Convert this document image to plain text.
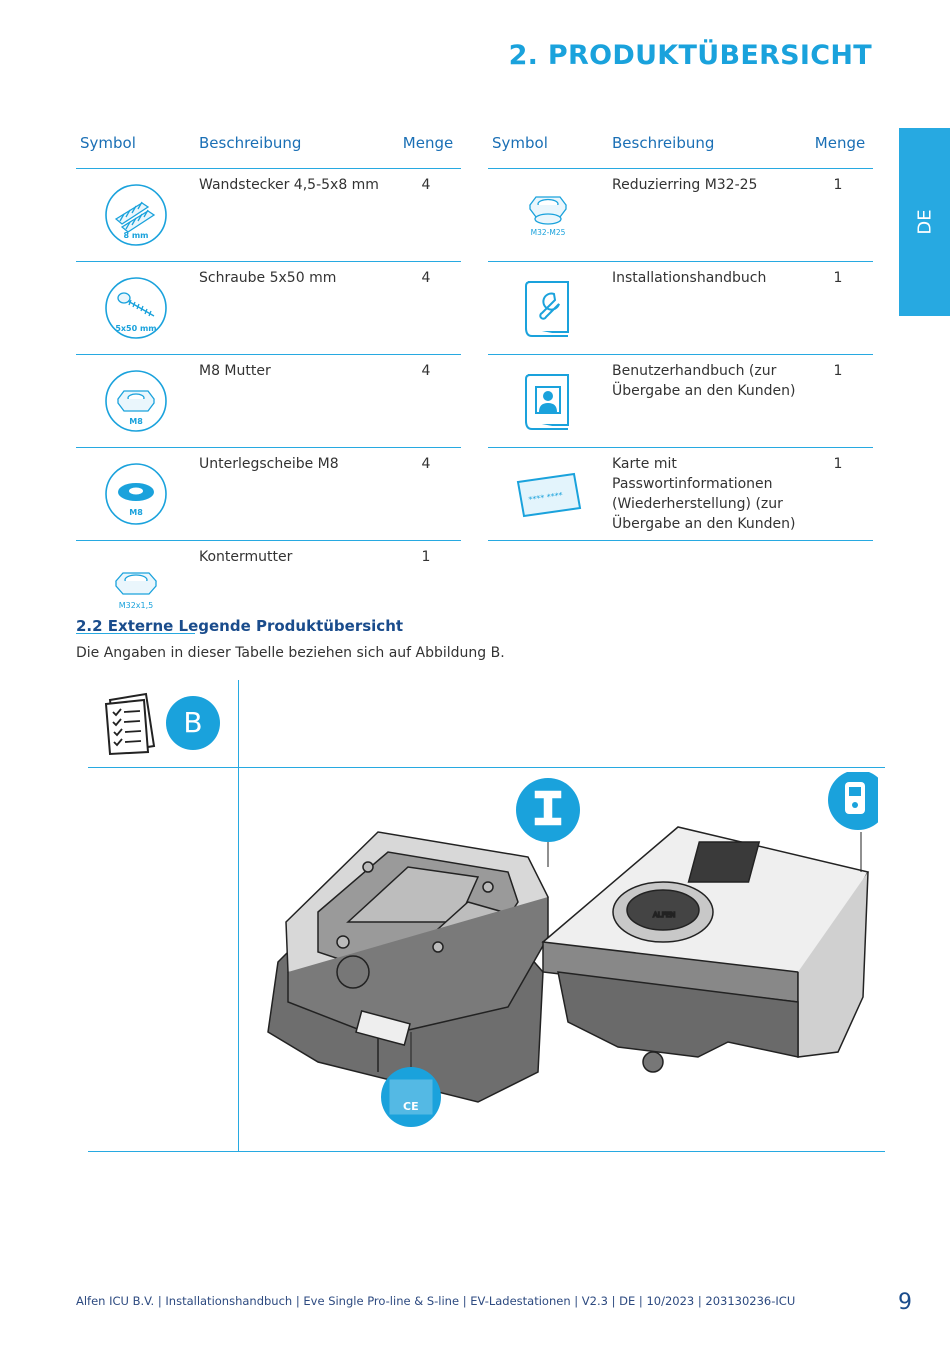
2. PRODUKTÜBERSICHT
DE
Symbol	Beschreibung	Menge

8 mm	Wandstecker 4,5-5x8 mm	4

5x50 mm	Schraube 5x50 mm	4

M8	M8 Mutter	4

M8	Unterlegscheibe M8	4

M32x1,5	Kontermutter	1
Symbol	Beschreibung	Menge

M32-M25	Reduzierring M32-25	1

	Installationshandbuch	1

	Benutzerhandbuch (zur Übergabe an den Kunden)	1

**** ****	Karte mit Passwortinformationen (Wiederherstellung) (zur Übergabe an den Kunden)	1
2.2 Externe Legende Produktübersicht

Die Angaben in dieser Tabelle beziehen sich auf Abbildung B.

B
CE
ALFEN

Alfen ICU B.V. | Installationshandbuch | Eve Single Pro-line & S-line | EV-Ladestationen | V2.3 | DE | 10/2023 | 203130236-ICU	9
